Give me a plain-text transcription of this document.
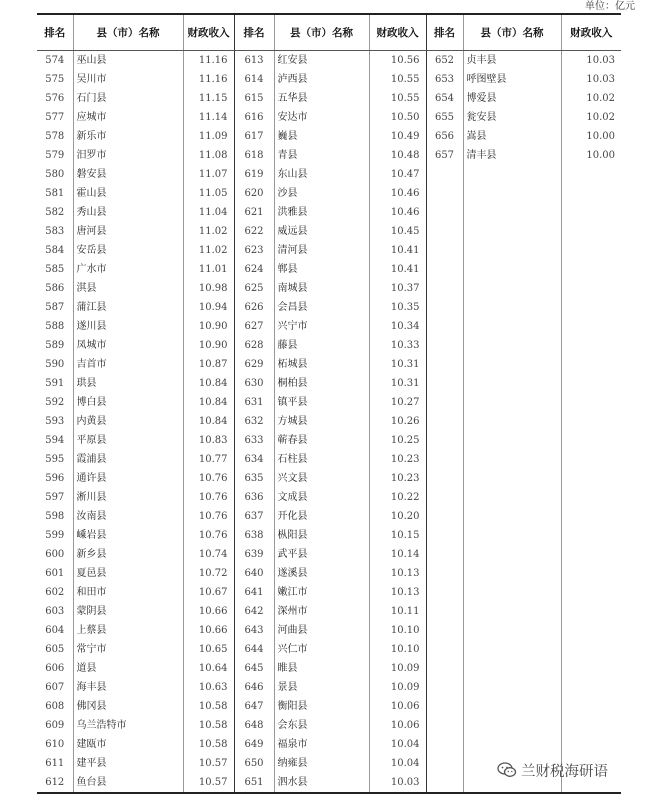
单位：亿元
排名	县（市）名称	财政收入	排名	县（市）名称	财政收入	排名	县（市）名称	财政收入
574	巫山县	11.16	613	红安县	10.56	652	贞丰县	10.03
575	吴川市	11.16	614	泸西县	10.55	653	呼图壁县	10.03
576	石门县	11.15	615	五华县	10.55	654	博爱县	10.02
577	应城市	11.14	616	安达市	10.50	655	瓮安县	10.02
578	新乐市	11.09	617	巍县	10.49	656	嵩县	10.00
579	汨罗市	11.08	618	青县	10.48	657	清丰县	10.00
580	磐安县	11.07	619	东山县	10.47			
581	霍山县	11.05	620	沙县	10.46			
582	秀山县	11.04	621	洪雅县	10.46			
583	唐河县	11.02	622	威远县	10.45			
584	安岳县	11.02	623	清河县	10.41			
585	广水市	11.01	624	郸县	10.41			
586	淇县	10.98	625	南城县	10.37			
587	蒲江县	10.94	626	会昌县	10.35			
588	遂川县	10.90	627	兴宁市	10.34			
589	凤城市	10.90	628	藤县	10.33			
590	吉首市	10.87	629	柘城县	10.31			
591	珙县	10.84	630	桐柏县	10.31			
592	博白县	10.84	631	镇平县	10.27			
593	内黄县	10.84	632	方城县	10.26			
594	平原县	10.83	633	蕲春县	10.25			
595	霞浦县	10.77	634	石柱县	10.23			
596	通许县	10.76	635	兴文县	10.23			
597	淅川县	10.76	636	文成县	10.22			
598	汝南县	10.76	637	开化县	10.20			
599	嵊岩县	10.76	638	枞阳县	10.15			
600	新乡县	10.74	639	武平县	10.14			
601	夏邑县	10.72	640	遂溪县	10.13			
602	和田市	10.67	641	嫩江市	10.13			
603	蒙阴县	10.66	642	深州市	10.11			
604	上蔡县	10.66	643	河曲县	10.10			
605	常宁市	10.65	644	兴仁市	10.10			
606	道县	10.64	645	睢县	10.09			
607	海丰县	10.63	646	景县	10.09			
608	佛冈县	10.58	647	衡阳县	10.06			
609	乌兰浩特市	10.58	648	会东县	10.06			
610	建瓯市	10.58	649	福泉市	10.04			
611	建平县	10.57	650	纳雍县	10.04			
612	鱼台县	10.57	651	泗水县	10.03			
兰财税海研语
